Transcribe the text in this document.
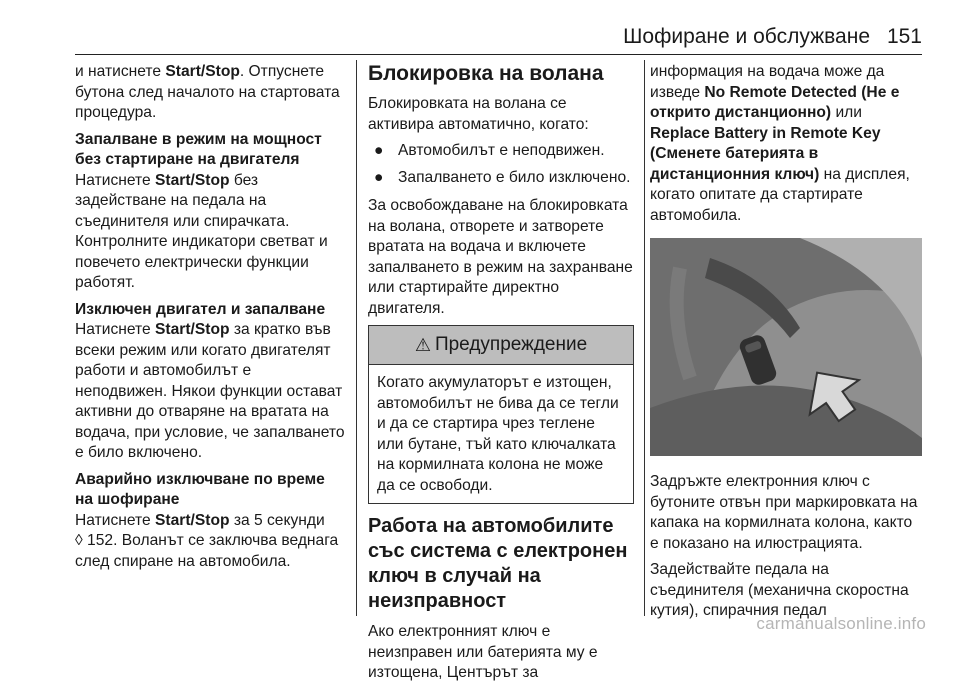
Шофиране и обслужване 151

и натиснете Start/Stop. Отпуснете бутона след началото на стартовата процедура.

Запалване в режим на мощност без стартиране на двигателя
Натиснете Start/Stop без задействане на педала на съединителя или спирачката. Контролните индикатори светват и повечето електрически функции работят.

Изключен двигател и запалване
Натиснете Start/Stop за кратко във всеки режим или когато двигателят работи и автомобилът е неподвижен. Някои функции остават активни до отваряне на вратата на водача, при условие, че запалването е било включено.

Аварийно изключване по време на шофиране
Натиснете Start/Stop за 5 секунди
◊ 152. Воланът се заключва веднага след спиране на автомобила.

Блокировка на волана

Блокировката на волана се активира автоматично, когато:

● Автомобилът е неподвижен.
● Запалването е било изключено.

За освобождаване на блокировката на волана, отворете и затворете вратата на водача и включете запалването в режим на захранване или стартирайте директно двигателя.

⚠ Предупреждение
Когато акумулаторът е изтощен, автомобилът не бива да се тегли и да се стартира чрез теглене или бутане, тъй като ключалката на кормилната колона не може да се освободи.
Работа на автомобилите със система с електронен ключ в случай на неизправност

Ако електронният ключ е неизправен или батерията му е изтощена, Центърът за

информация на водача може да изведе No Remote Detected (Не е открито дистанционно) или Replace Battery in Remote Key (Сменете батерията в дистанционния ключ) на дисплея, когато опитате да стартирате автомобила.

Задръжте електронния ключ с бутоните отвън при маркировката на капака на кормилната колона, както е показано на илюстрацията.

Задействайте педала на съединителя (механична скоростна кутия), спирачния педал

carmanualsonline.info
